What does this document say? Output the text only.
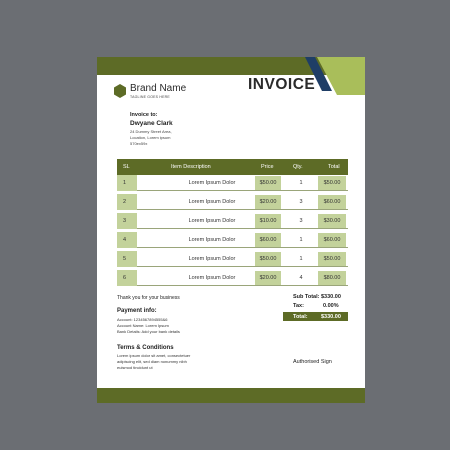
Brand Name
TAGLINE GOES HERE
INVOICE
Invoice to:
Dwyane Clark
24 Dummy Street Area,
Location, Lorem ipsum
570ex59x
SL	Item Description	Price	Qty.	Total
1	Lorem Ipsum Dolor	$50.00	1	$50.00
2	Lorem Ipsum Dolor	$20.00	3	$60.00
3	Lorem Ipsum Dolor	$10.00	3	$30.00
4	Lorem Ipsum Dolor	$60.00	1	$60.00
5	Lorem Ipsum Dolor	$50.00	1	$50.00
6	Lorem Ipsum Dolor	$20.00	4	$80.00
Thank you for your business	Sub Total: $330.00
Tax:	0.00%
Total: $330.00
Payment info:
Account: 1234567894555&6
Account Name: Lorem Ipsum
Bank Details: Add your bank details
Terms & Conditions
Lorem ipsum dolor sit amet, consectetuer
adipiscing elit, sed diam nonummy nibh
euismod tincidunt ut
Authorised Sign
